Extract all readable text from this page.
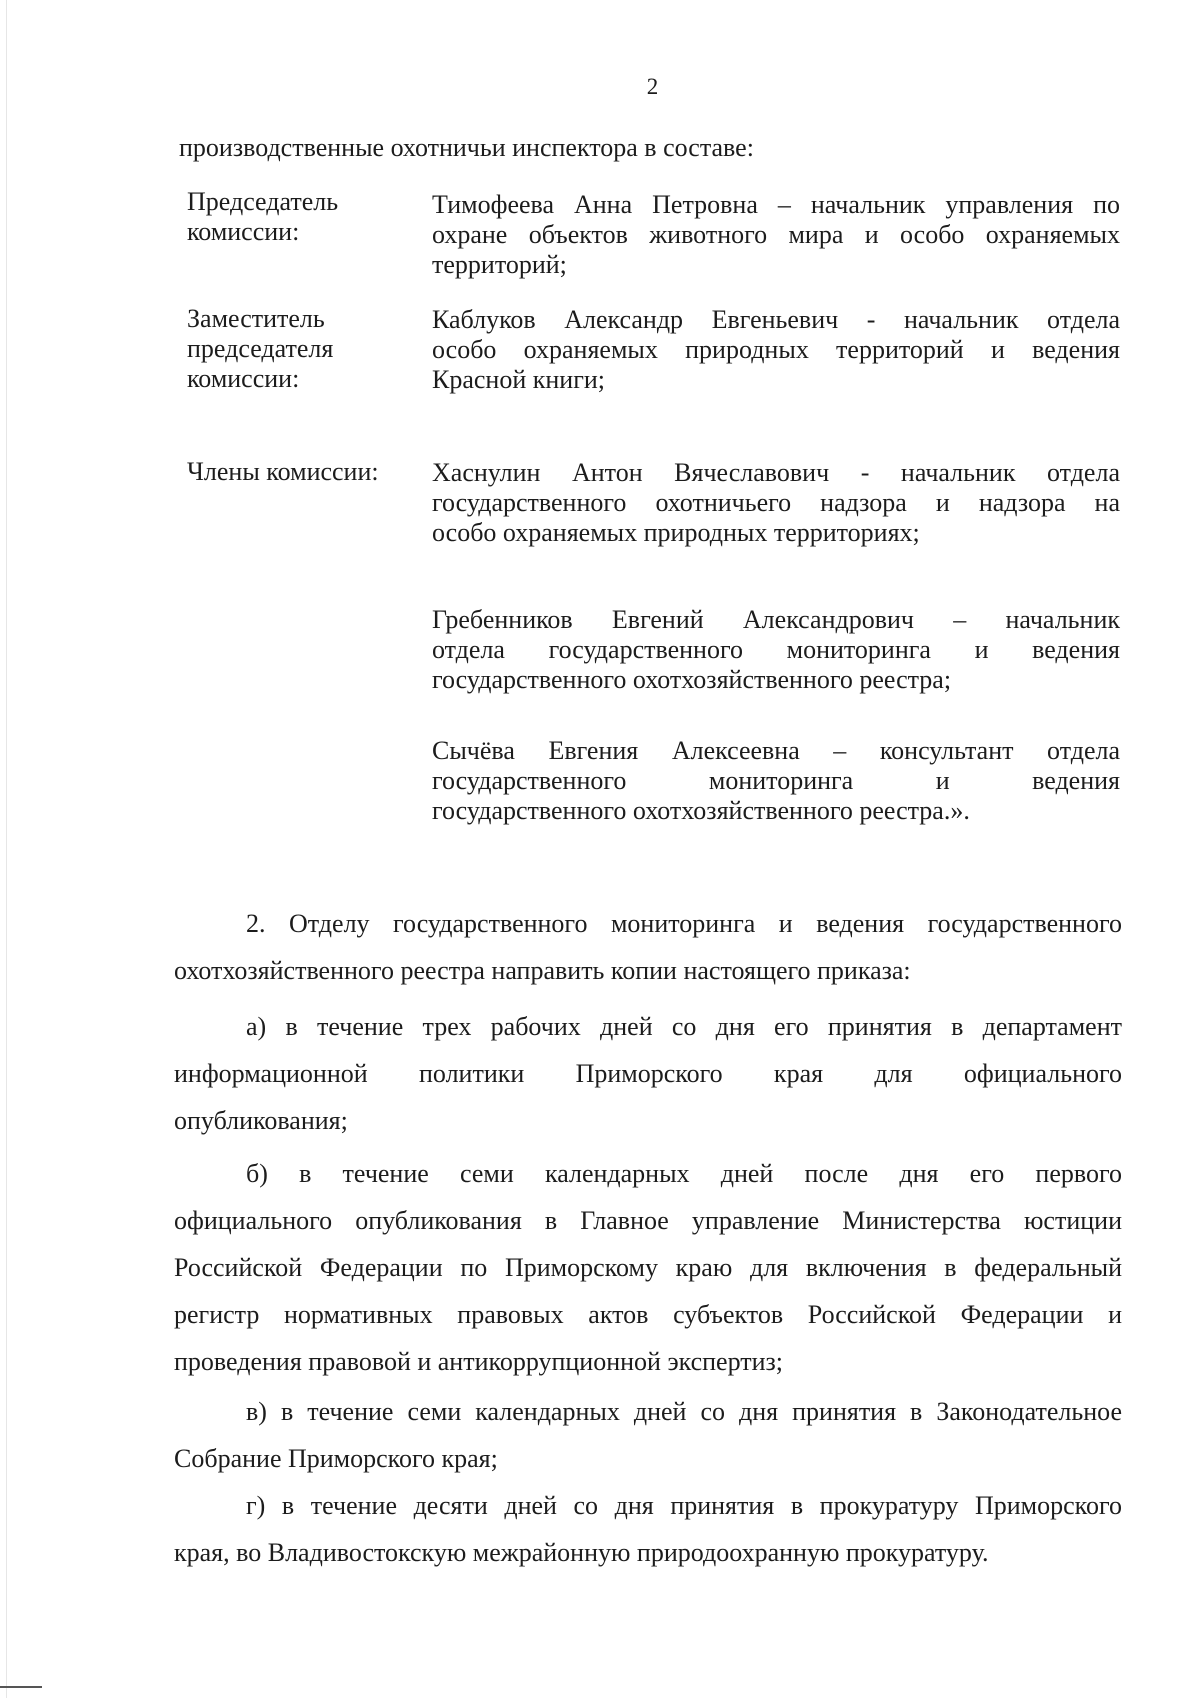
2
производственные охотничьи инспектора в составе:
Председатель
комиссии:
Тимофеева Анна Петровна – начальник управления по
охране объектов животного мира и особо охраняемых
территорий;
Заместитель
председателя
комиссии:
Каблуков Александр Евгеньевич - начальник отдела
особо охраняемых природных территорий и ведения
Красной книги;
Члены комиссии:	Хаснулин Антон Вячеславович - начальник отдела
государственного охотничьего надзора и надзора на
особо охраняемых природных территориях;
Гребенников Евгений Александрович – начальник
отдела государственного мониторинга и ведения
государственного охотхозяйственного реестра;
Сычёва Евгения Алексеевна – консультант отдела
государственного мониторинга и ведения
государственного охотхозяйственного реестра.».
2. Отделу государственного мониторинга и ведения государственного
охотхозяйственного реестра направить копии настоящего приказа:
а) в течение трех рабочих дней со дня его принятия в департамент
информационной политики Приморского края для официального
опубликования;
б) в течение семи календарных дней после дня его первого
официального опубликования в Главное управление Министерства юстиции
Российской Федерации по Приморскому краю для включения в федеральный
регистр нормативных правовых актов субъектов Российской Федерации и
проведения правовой и антикоррупционной экспертиз;
в) в течение семи календарных дней со дня принятия в Законодательное
Собрание Приморского края;
г) в течение десяти дней со дня принятия в прокуратуру Приморского
края, во Владивостокскую межрайонную природоохранную прокуратуру.
